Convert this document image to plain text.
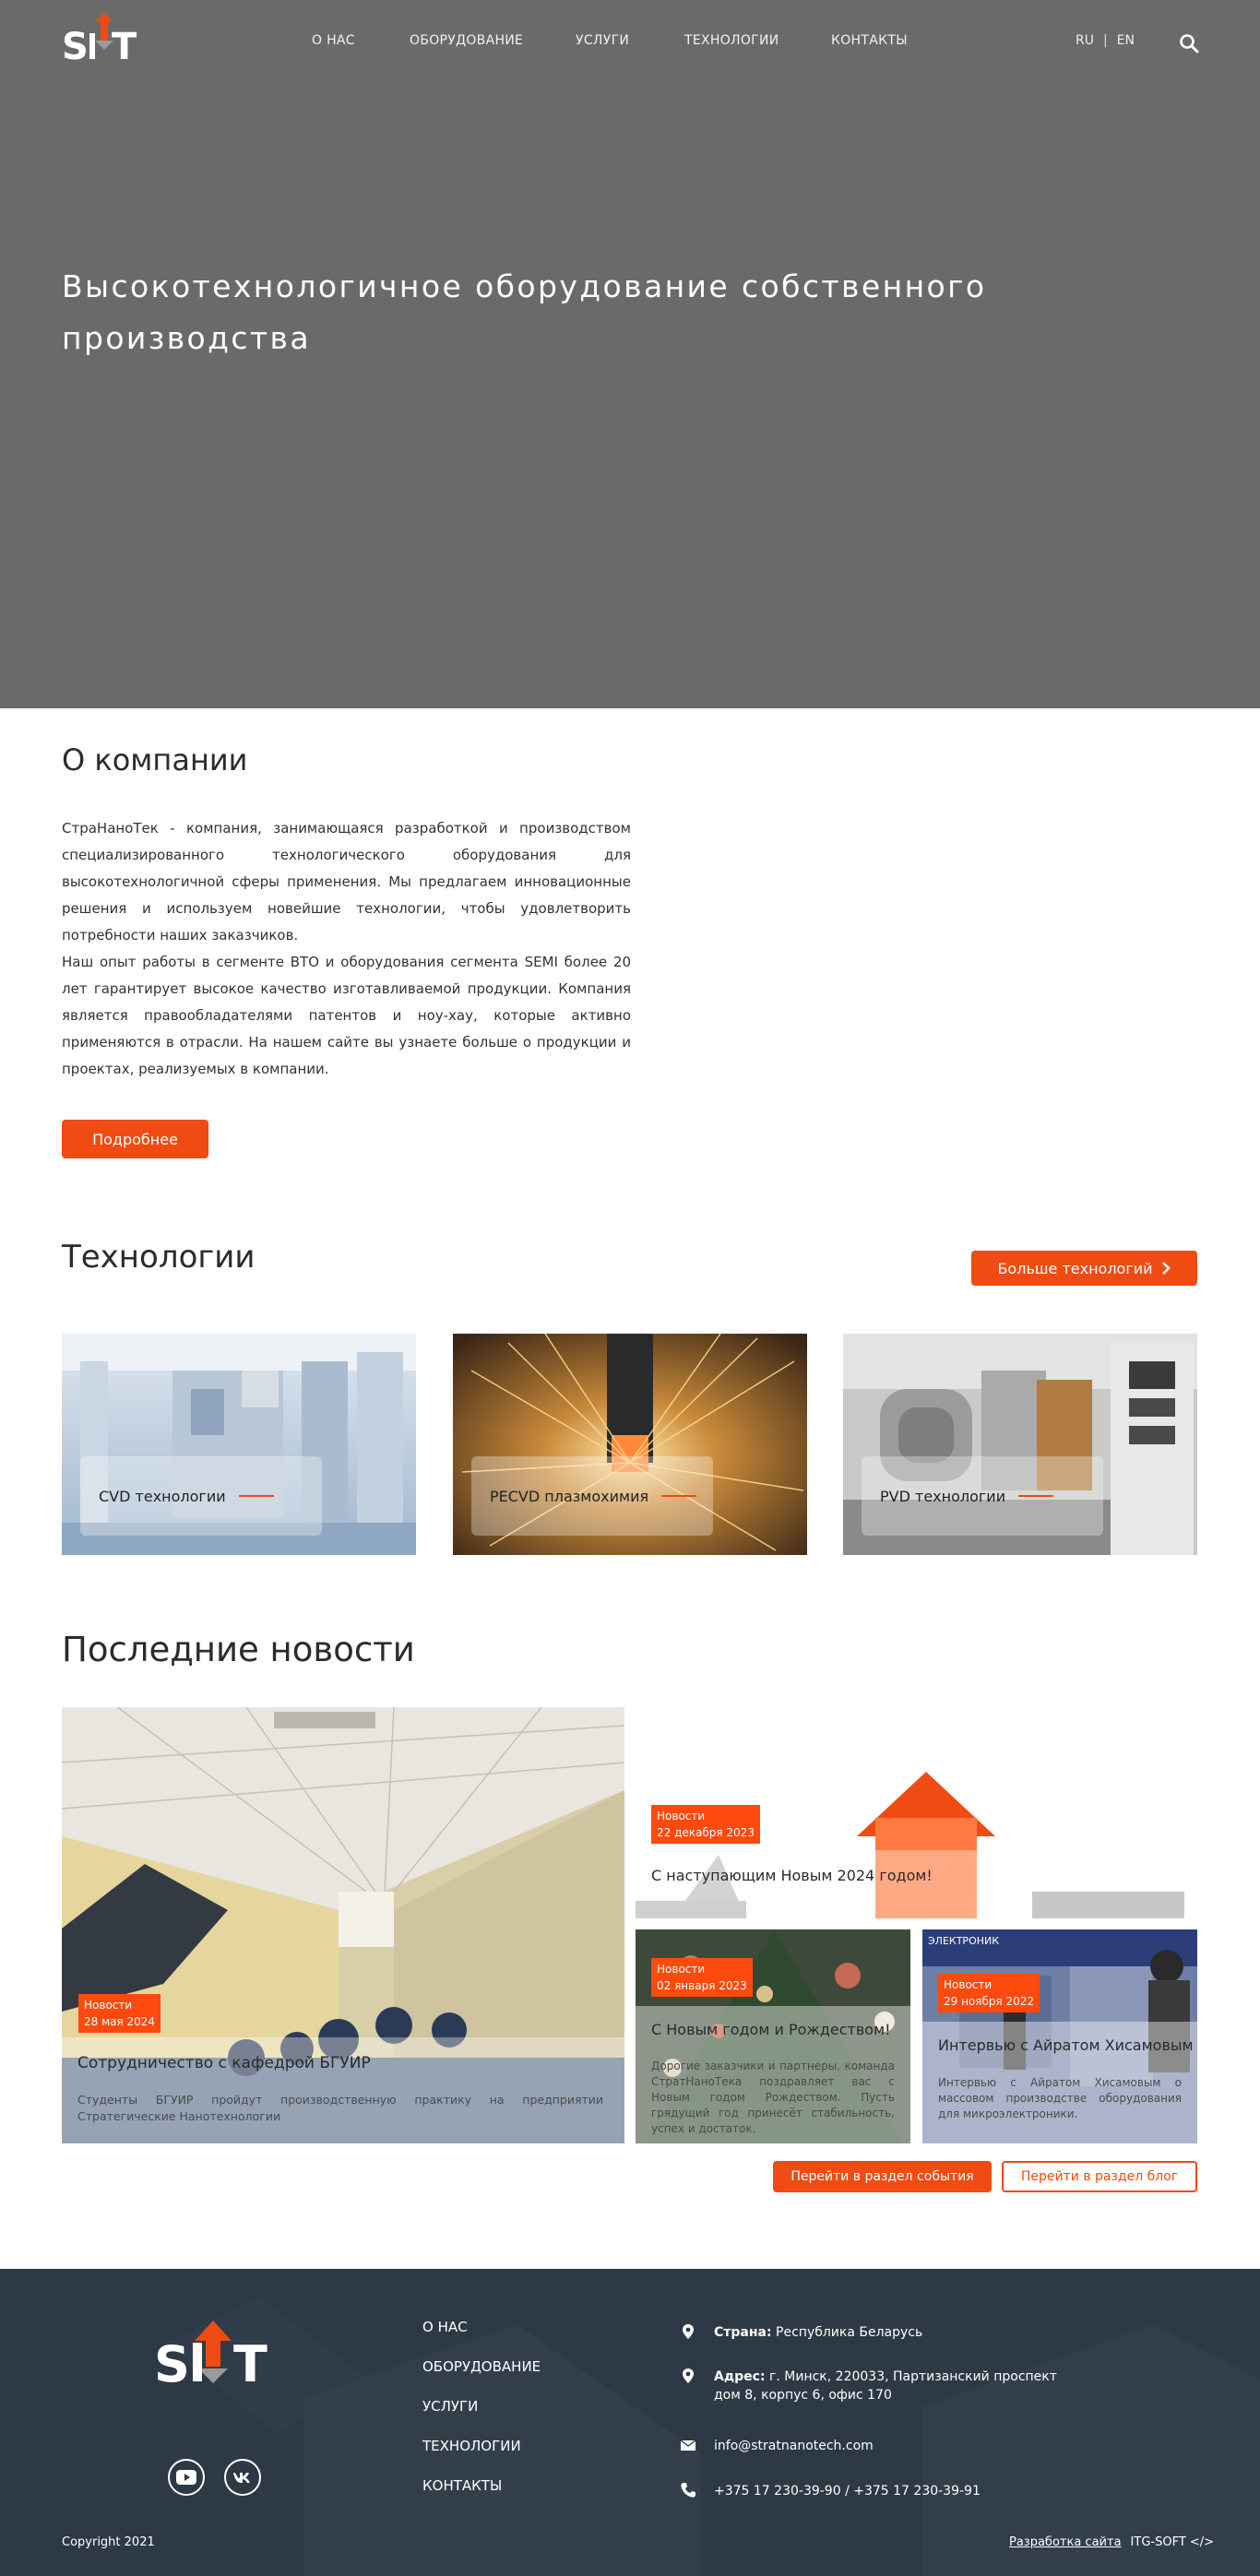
S T	О НАС	ОБОРУДОВАНИЕ	УСЛУГИ	ТЕХНОЛОГИИ	КОНТАКТЫ	RU | EN
Высокотехнологичное оборудование собственного производства
О компании
СтраНаноТек - компания, занимающаяся разработкой и производством специализированного технологического оборудования для высокотехнологичной сферы применения. Мы предлагаем инновационные решения и используем новейшие технологии, чтобы удовлетворить потребности наших заказчиков.
Наш опыт работы в сегменте ВТО и оборудования сегмента SEMI более 20 лет гарантирует высокое качество изготавливаемой продукции. Компания является правообладателями патентов и ноу-хау, которые активно применяются в отрасли. На нашем сайте вы узнаете больше о продукции и проектах, реализуемых в компании.
Подробнее
Технологии	Больше технологий
CVD технологии	PECVD плазмохимия	PVD технологии
Последние новости
Новости
28 мая 2024
Сотрудничество с кафедрой БГУИР
Студенты БГУИР пройдут производственную практику на предприятии Стратегические Нанотехнологии
Новости
22 декабря 2023
С наступающим Новым 2024 годом!
Новости
02 января 2023
С Новым годом и Рождеством!
Дорогие заказчики и партнеры, команда СтратНаноТека поздравляет вас с Новым годом Рождеством. Пусть грядущий год принесёт стабильность, успех и достаток.
ЭЛЕКТРОНИК
Новости
29 ноября 2022
Интервью с Айратом Хисамовым
Интервью с Айратом Хисамовым о массовом производстве оборудования для микроэлектроники.
Перейти в раздел события	Перейти в раздел блог
S T
О НАС
ОБОРУДОВАНИЕ
УСЛУГИ
ТЕХНОЛОГИИ
КОНТАКТЫ
Страна: Республика Беларусь
Адрес: г. Минск, 220033, Партизанский проспект дом 8, корпус 6, офис 170
info@stratnanotech.com
+375 17 230-39-90 / +375 17 230-39-91
Copyright 2021	Разработка сайта ITG-SOFT </>
